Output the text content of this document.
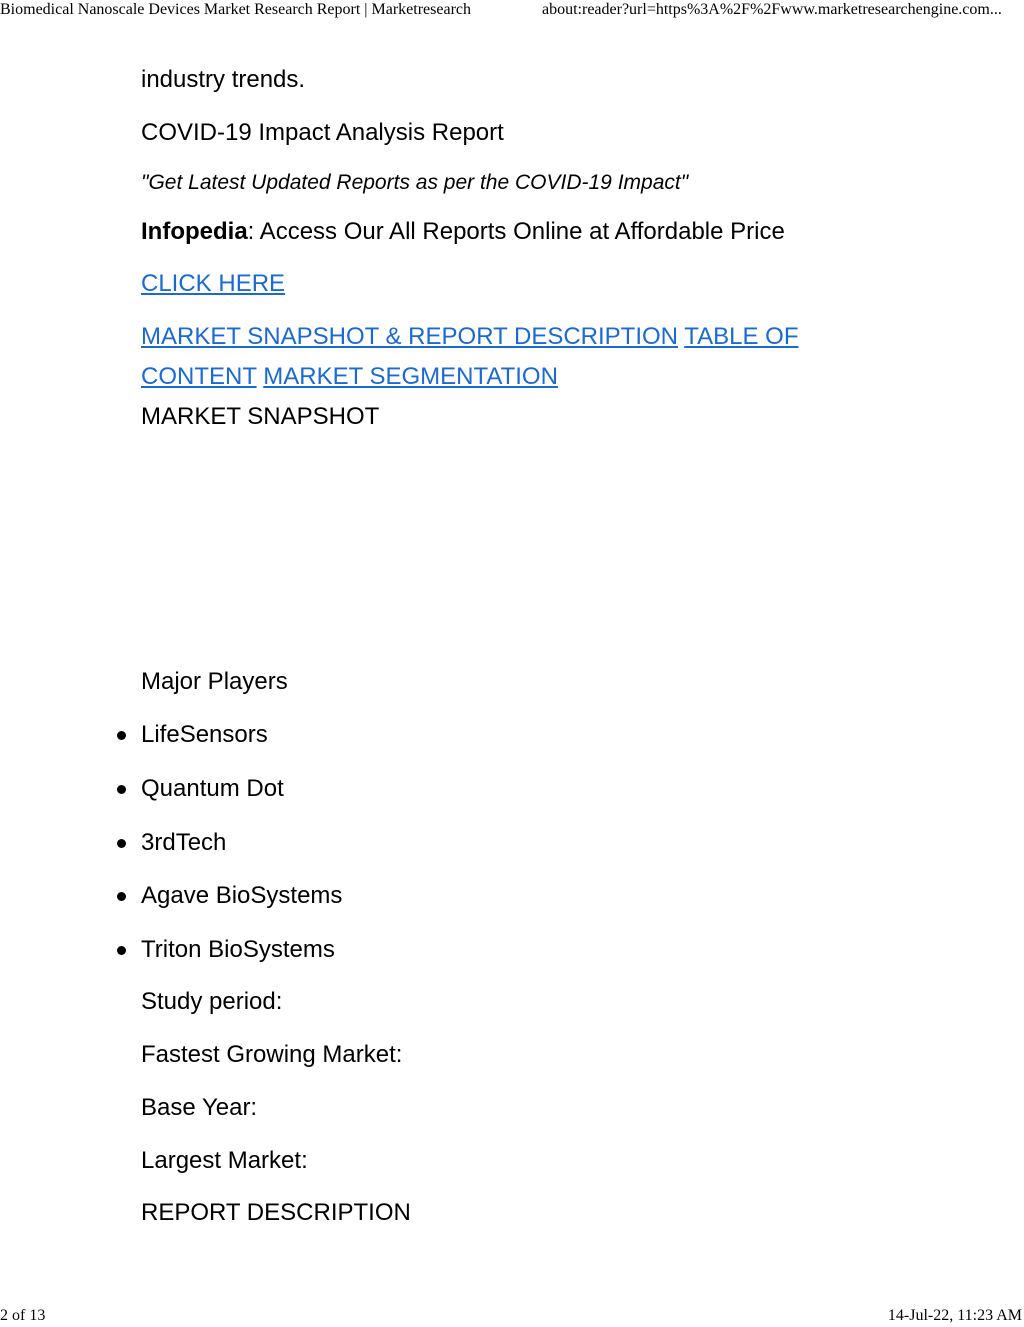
Biomedical Nanoscale Devices Market Research Report | Marketresearch	about:reader?url=https%3A%2F%2Fwww.marketresearchengine.com...
industry trends.
COVID-19 Impact Analysis Report
"Get Latest Updated Reports as per the COVID-19 Impact"
Infopedia: Access Our All Reports Online at Affordable Price
CLICK HERE
MARKET SNAPSHOT & REPORT DESCRIPTION TABLE OF
CONTENT MARKET SEGMENTATION
MARKET SNAPSHOT
Major Players
LifeSensors
Quantum Dot
3rdTech
Agave BioSystems
Triton BioSystems
Study period:
Fastest Growing Market:
Base Year:
Largest Market:
REPORT DESCRIPTION
2 of 13	14-Jul-22, 11:23 AM
